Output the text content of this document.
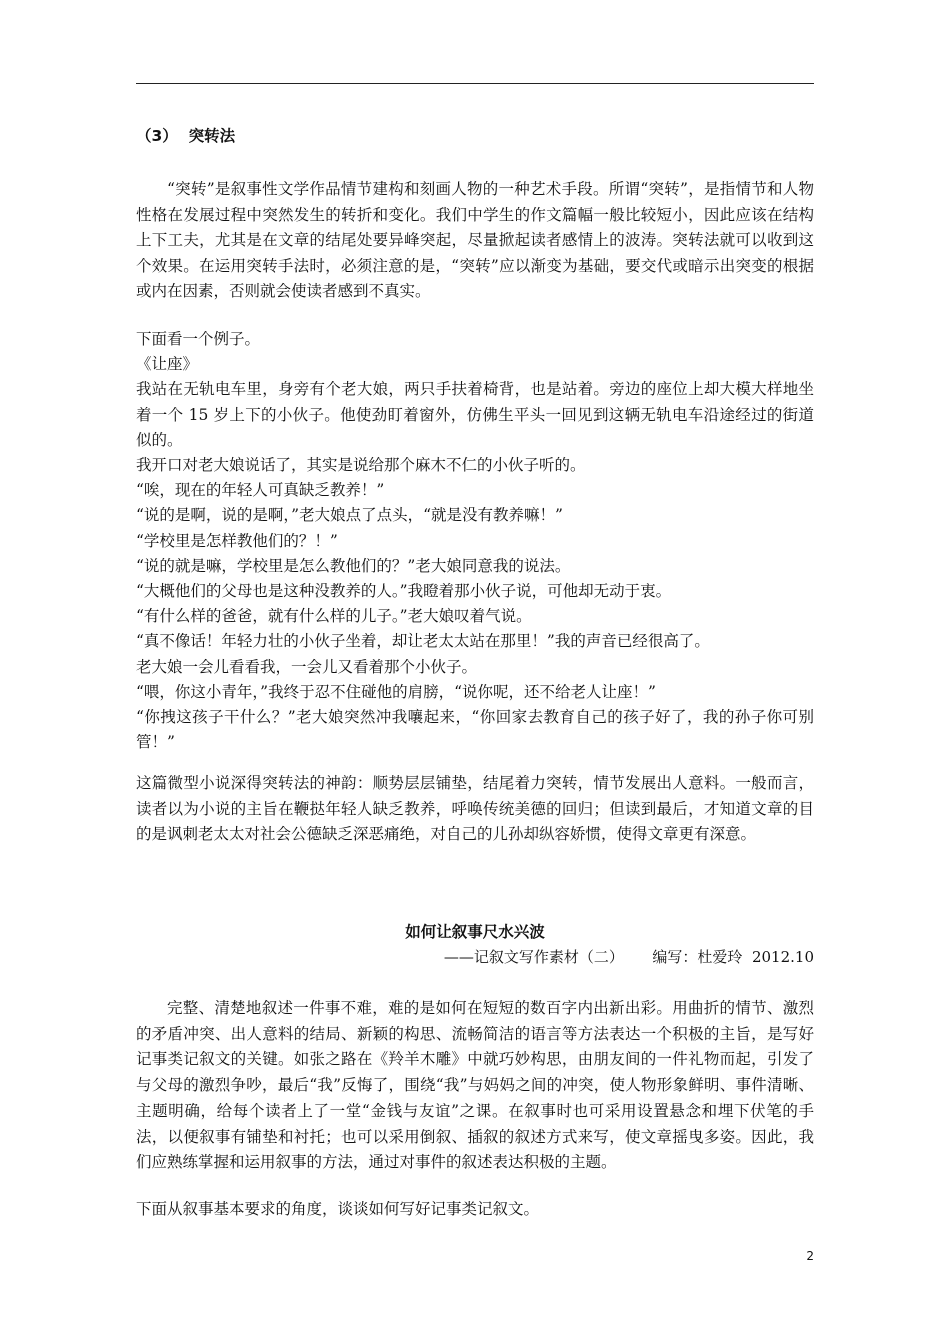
（3）  突转法

“突转”是叙事性文学作品情节建构和刻画人物的一种艺术手段。所谓“突转”，是指情节和人物性格在发展过程中突然发生的转折和变化。我们中学生的作文篇幅一般比较短小，因此应该在结构上下工夫，尤其是在文章的结尾处要异峰突起，尽量掀起读者感情上的波涛。突转法就可以收到这个效果。在运用突转手法时，必须注意的是，“突转”应以渐变为基础，要交代或暗示出突变的根据或内在因素，否则就会使读者感到不真实。

下面看一个例子。

《让座》

我站在无轨电车里，身旁有个老大娘，两只手扶着椅背，也是站着。旁边的座位上却大模大样地坐着一个 15 岁上下的小伙子。他使劲盯着窗外，仿佛生平头一回见到这辆无轨电车沿途经过的街道似的。

我开口对老大娘说话了，其实是说给那个麻木不仁的小伙子听的。

“唉，现在的年轻人可真缺乏教养！”

“说的是啊，说的是啊，”老大娘点了点头，“就是没有教养嘛！”

“学校里是怎样教他们的？！”

“说的就是嘛，学校里是怎么教他们的？”老大娘同意我的说法。

“大概他们的父母也是这种没教养的人。”我瞪着那小伙子说，可他却无动于衷。

“有什么样的爸爸，就有什么样的儿子。”老大娘叹着气说。

“真不像话！年轻力壮的小伙子坐着，却让老太太站在那里！”我的声音已经很高了。

老大娘一会儿看看我，一会儿又看着那个小伙子。

“喂，你这小青年，”我终于忍不住碰他的肩膀，“说你呢，还不给老人让座！”

“你拽这孩子干什么？”老大娘突然冲我嚷起来，“你回家去教育自己的孩子好了，我的孙子你可别管！”

这篇微型小说深得突转法的神韵：顺势层层铺垫，结尾着力突转，情节发展出人意料。一般而言，读者以为小说的主旨在鞭挞年轻人缺乏教养，呼唤传统美德的回归；但读到最后，才知道文章的目的是讽刺老太太对社会公德缺乏深恶痛绝，对自己的儿孙却纵容娇惯，使得文章更有深意。

如何让叙事尺水兴波
——记叙文写作素材（二）      编写：杜爱玲  2012.10

完整、清楚地叙述一件事不难，难的是如何在短短的数百字内出新出彩。用曲折的情节、激烈的矛盾冲突、出人意料的结局、新颖的构思、流畅简洁的语言等方法表达一个积极的主旨，是写好记事类记叙文的关键。如张之路在《羚羊木雕》中就巧妙构思，由朋友间的一件礼物而起，引发了与父母的激烈争吵，最后“我”反悔了，围绕“我”与妈妈之间的冲突，使人物形象鲜明、事件清晰、主题明确，给每个读者上了一堂“金钱与友谊”之课。在叙事时也可采用设置悬念和埋下伏笔的手法，以便叙事有铺垫和衬托；也可以采用倒叙、插叙的叙述方式来写，使文章摇曳多姿。因此，我们应熟练掌握和运用叙事的方法，通过对事件的叙述表达积极的主题。

下面从叙事基本要求的角度，谈谈如何写好记事类记叙文。

2
